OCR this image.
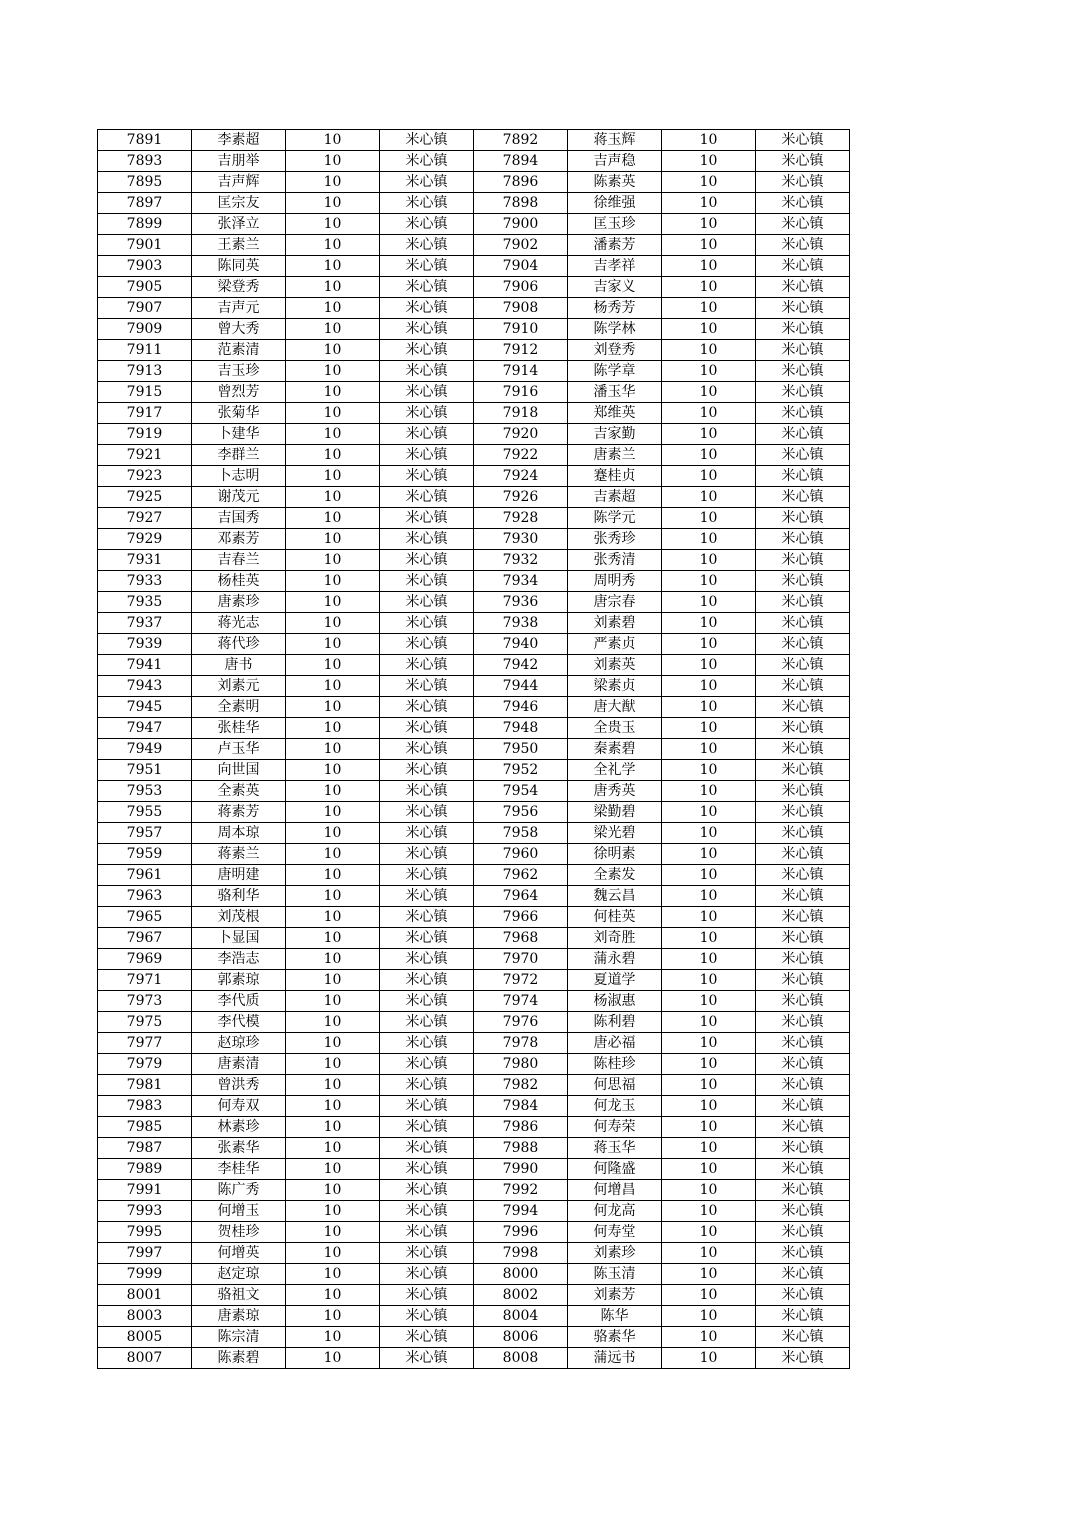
7891	李素超	10	米心镇	7892	蒋玉辉	10	米心镇
7893	吉朋举	10	米心镇	7894	吉声稳	10	米心镇
7895	吉声辉	10	米心镇	7896	陈素英	10	米心镇
7897	匡宗友	10	米心镇	7898	徐维强	10	米心镇
7899	张泽立	10	米心镇	7900	匡玉珍	10	米心镇
7901	王素兰	10	米心镇	7902	潘素芳	10	米心镇
7903	陈同英	10	米心镇	7904	吉孝祥	10	米心镇
7905	梁登秀	10	米心镇	7906	吉家义	10	米心镇
7907	吉声元	10	米心镇	7908	杨秀芳	10	米心镇
7909	曾大秀	10	米心镇	7910	陈学林	10	米心镇
7911	范素清	10	米心镇	7912	刘登秀	10	米心镇
7913	吉玉珍	10	米心镇	7914	陈学章	10	米心镇
7915	曾烈芳	10	米心镇	7916	潘玉华	10	米心镇
7917	张菊华	10	米心镇	7918	郑维英	10	米心镇
7919	卜建华	10	米心镇	7920	吉家勤	10	米心镇
7921	李群兰	10	米心镇	7922	唐素兰	10	米心镇
7923	卜志明	10	米心镇	7924	蹇桂贞	10	米心镇
7925	谢茂元	10	米心镇	7926	吉素超	10	米心镇
7927	吉国秀	10	米心镇	7928	陈学元	10	米心镇
7929	邓素芳	10	米心镇	7930	张秀珍	10	米心镇
7931	吉春兰	10	米心镇	7932	张秀清	10	米心镇
7933	杨桂英	10	米心镇	7934	周明秀	10	米心镇
7935	唐素珍	10	米心镇	7936	唐宗春	10	米心镇
7937	蒋光志	10	米心镇	7938	刘素碧	10	米心镇
7939	蒋代珍	10	米心镇	7940	严素贞	10	米心镇
7941	唐书	10	米心镇	7942	刘素英	10	米心镇
7943	刘素元	10	米心镇	7944	梁素贞	10	米心镇
7945	全素明	10	米心镇	7946	唐大猷	10	米心镇
7947	张桂华	10	米心镇	7948	全贵玉	10	米心镇
7949	卢玉华	10	米心镇	7950	秦素碧	10	米心镇
7951	向世国	10	米心镇	7952	全礼学	10	米心镇
7953	全素英	10	米心镇	7954	唐秀英	10	米心镇
7955	蒋素芳	10	米心镇	7956	梁勤碧	10	米心镇
7957	周本琼	10	米心镇	7958	梁光碧	10	米心镇
7959	蒋素兰	10	米心镇	7960	徐明素	10	米心镇
7961	唐明建	10	米心镇	7962	全素发	10	米心镇
7963	骆利华	10	米心镇	7964	魏云昌	10	米心镇
7965	刘茂根	10	米心镇	7966	何桂英	10	米心镇
7967	卜显国	10	米心镇	7968	刘奇胜	10	米心镇
7969	李浩志	10	米心镇	7970	蒲永碧	10	米心镇
7971	郭素琼	10	米心镇	7972	夏道学	10	米心镇
7973	李代质	10	米心镇	7974	杨淑惠	10	米心镇
7975	李代模	10	米心镇	7976	陈利碧	10	米心镇
7977	赵琼珍	10	米心镇	7978	唐必福	10	米心镇
7979	唐素清	10	米心镇	7980	陈桂珍	10	米心镇
7981	曾洪秀	10	米心镇	7982	何思福	10	米心镇
7983	何寿双	10	米心镇	7984	何龙玉	10	米心镇
7985	林素珍	10	米心镇	7986	何寿荣	10	米心镇
7987	张素华	10	米心镇	7988	蒋玉华	10	米心镇
7989	李桂华	10	米心镇	7990	何隆盛	10	米心镇
7991	陈广秀	10	米心镇	7992	何增昌	10	米心镇
7993	何增玉	10	米心镇	7994	何龙高	10	米心镇
7995	贺桂珍	10	米心镇	7996	何寿堂	10	米心镇
7997	何增英	10	米心镇	7998	刘素珍	10	米心镇
7999	赵定琼	10	米心镇	8000	陈玉清	10	米心镇
8001	骆祖文	10	米心镇	8002	刘素芳	10	米心镇
8003	唐素琼	10	米心镇	8004	陈华	10	米心镇
8005	陈宗清	10	米心镇	8006	骆素华	10	米心镇
8007	陈素碧	10	米心镇	8008	蒲远书	10	米心镇
